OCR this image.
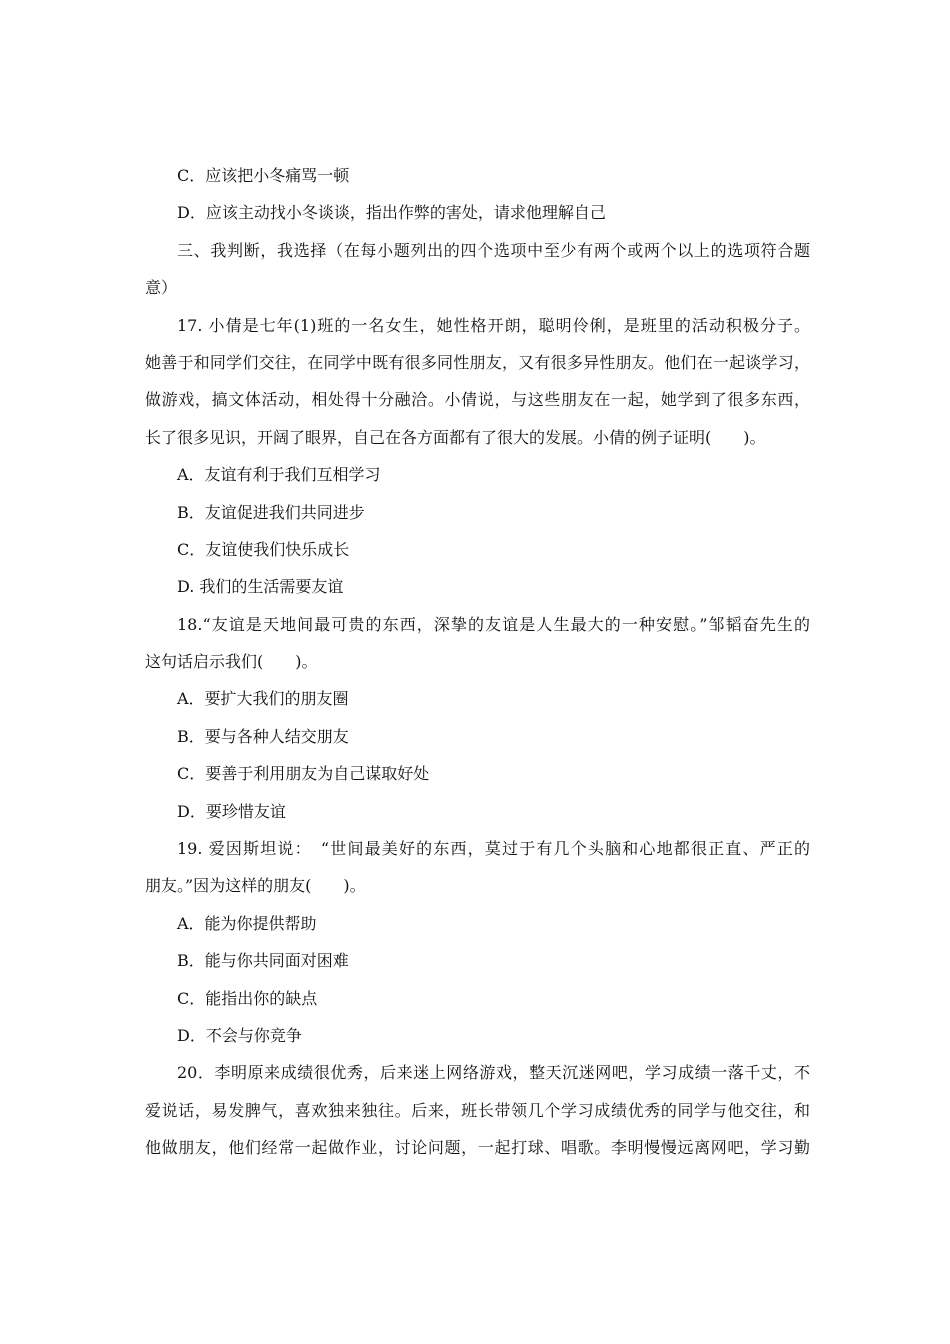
C．应该把小冬痛骂一顿
D．应该主动找小冬谈谈，指出作弊的害处，请求他理解自己
三、我判断，我选择（在每小题列出的四个选项中至少有两个或两个以上的选项符合题
意）
17. 小倩是七年(1)班的一名女生，她性格开朗，聪明伶俐，是班里的活动积极分子。
她善于和同学们交往，在同学中既有很多同性朋友，又有很多异性朋友。他们在一起谈学习，
做游戏，搞文体活动，相处得十分融洽。小倩说，与这些朋友在一起，她学到了很多东西，
长了很多见识，开阔了眼界，自己在各方面都有了很大的发展。小倩的例子证明(　　)。
A．友谊有利于我们互相学习
B．友谊促进我们共同进步
C．友谊使我们快乐成长
D. 我们的生活需要友谊
18.“友谊是天地间最可贵的东西，深挚的友谊是人生最大的一种安慰。”邹韬奋先生的
这句话启示我们(　　)。
A．要扩大我们的朋友圈
B．要与各种人结交朋友
C．要善于利用朋友为自己谋取好处
D．要珍惜友谊
19. 爱因斯坦说：　“世间最美好的东西，莫过于有几个头脑和心地都很正直、严正的
朋友。”因为这样的朋友(　　)。
A．能为你提供帮助
B．能与你共同面对困难
C．能指出你的缺点
D．不会与你竞争
20．李明原来成绩很优秀，后来迷上网络游戏，整天沉迷网吧，学习成绩一落千丈，不
爱说话，易发脾气，喜欢独来独往。后来，班长带领几个学习成绩优秀的同学与他交往，和
他做朋友，他们经常一起做作业，讨论问题，一起打球、唱歌。李明慢慢远离网吧，学习勤
